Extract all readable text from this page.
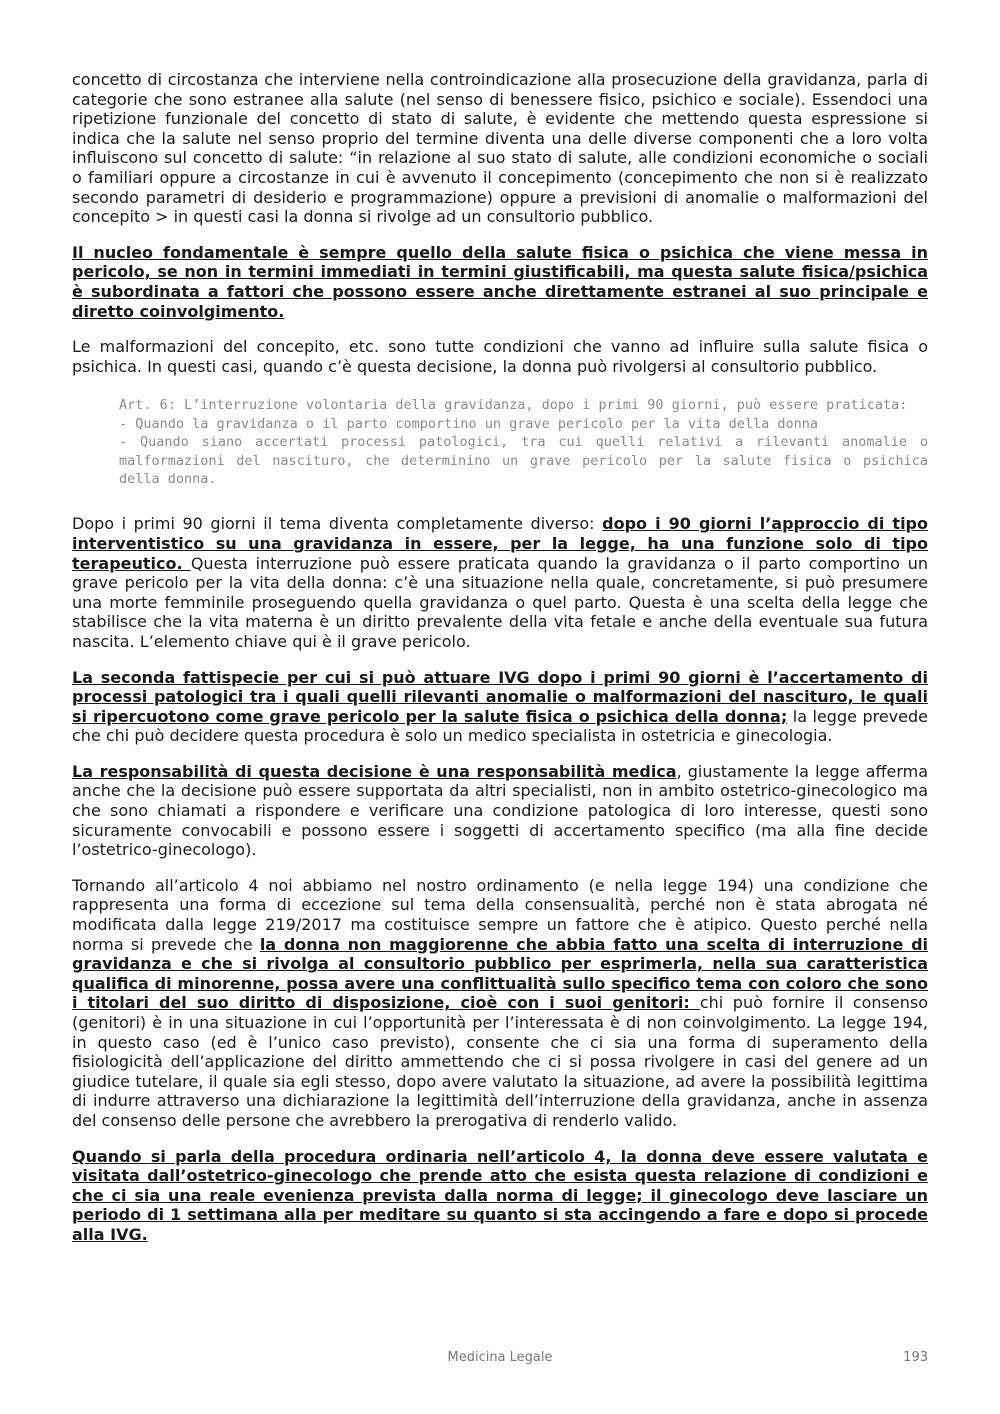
concetto di circostanza che interviene nella controindicazione alla prosecuzione della gravidanza, parla di categorie che sono estranee alla salute (nel senso di benessere fisico, psichico e sociale). Essendoci una ripetizione funzionale del concetto di stato di salute, è evidente che mettendo questa espressione si indica che la salute nel senso proprio del termine diventa una delle diverse componenti che a loro volta influiscono sul concetto di salute: “in relazione al suo stato di salute, alle condizioni economiche o sociali o familiari oppure a circostanze in cui è avvenuto il concepimento (concepimento che non si è realizzato secondo parametri di desiderio e programmazione) oppure a previsioni di anomalie o malformazioni del concepito > in questi casi la donna si rivolge ad un consultorio pubblico.

Il nucleo fondamentale è sempre quello della salute fisica o psichica che viene messa in pericolo, se non in termini immediati in termini giustificabili, ma questa salute fisica/psichica è subordinata a fattori che possono essere anche direttamente estranei al suo principale e diretto coinvolgimento.

Le malformazioni del concepito, etc. sono tutte condizioni che vanno ad influire sulla salute fisica o psichica. In questi casi, quando c’è questa decisione, la donna può rivolgersi al consultorio pubblico.

Art. 6: L’interruzione volontaria della gravidanza, dopo i primi 90 giorni, può essere praticata:
- Quando la gravidanza o il parto comportino un grave pericolo per la vita della donna
- Quando siano accertati processi patologici, tra cui quelli relativi a rilevanti anomalie o malformazioni del nascituro, che determinino un grave pericolo per la salute fisica o psichica della donna.

Dopo i primi 90 giorni il tema diventa completamente diverso: dopo i 90 giorni l’approccio di tipo interventistico su una gravidanza in essere, per la legge, ha una funzione solo di tipo terapeutico. Questa interruzione può essere praticata quando la gravidanza o il parto comportino un grave pericolo per la vita della donna: c’è una situazione nella quale, concretamente, si può presumere una morte femminile proseguendo quella gravidanza o quel parto. Questa è una scelta della legge che stabilisce che la vita materna è un diritto prevalente della vita fetale e anche della eventuale sua futura nascita. L’elemento chiave qui è il grave pericolo.

La seconda fattispecie per cui si può attuare IVG dopo i primi 90 giorni è l’accertamento di processi patologici tra i quali quelli rilevanti anomalie o malformazioni del nascituro, le quali si ripercuotono come grave pericolo per la salute fisica o psichica della donna; la legge prevede che chi può decidere questa procedura è solo un medico specialista in ostetricia e ginecologia.

La responsabilità di questa decisione è una responsabilità medica, giustamente la legge afferma anche che la decisione può essere supportata da altri specialisti, non in ambito ostetrico-ginecologico ma che sono chiamati a rispondere e verificare una condizione patologica di loro interesse, questi sono sicuramente convocabili e possono essere i soggetti di accertamento specifico (ma alla fine decide l’ostetrico-ginecologo).

Tornando all’articolo 4 noi abbiamo nel nostro ordinamento (e nella legge 194) una condizione che rappresenta una forma di eccezione sul tema della consensualità, perché non è stata abrogata né modificata dalla legge 219/2017 ma costituisce sempre un fattore che è atipico. Questo perché nella norma si prevede che la donna non maggiorenne che abbia fatto una scelta di interruzione di gravidanza e che si rivolga al consultorio pubblico per esprimerla, nella sua caratteristica qualifica di minorenne, possa avere una conflittualità sullo specifico tema con coloro che sono i titolari del suo diritto di disposizione, cioè con i suoi genitori: chi può fornire il consenso (genitori) è in una situazione in cui l’opportunità per l’interessata è di non coinvolgimento. La legge 194, in questo caso (ed è l’unico caso previsto), consente che ci sia una forma di superamento della fisiologicità dell’applicazione del diritto ammettendo che ci si possa rivolgere in casi del genere ad un giudice tutelare, il quale sia egli stesso, dopo avere valutato la situazione, ad avere la possibilità legittima di indurre attraverso una dichiarazione la legittimità dell’interruzione della gravidanza, anche in assenza del consenso delle persone che avrebbero la prerogativa di renderlo valido.

Quando si parla della procedura ordinaria nell’articolo 4, la donna deve essere valutata e visitata dall’ostetrico-ginecologo che prende atto che esista questa relazione di condizioni e che ci sia una reale evenienza prevista dalla norma di legge; il ginecologo deve lasciare un periodo di 1 settimana alla per meditare su quanto si sta accingendo a fare e dopo si procede alla IVG.

Medicina Legale	193
